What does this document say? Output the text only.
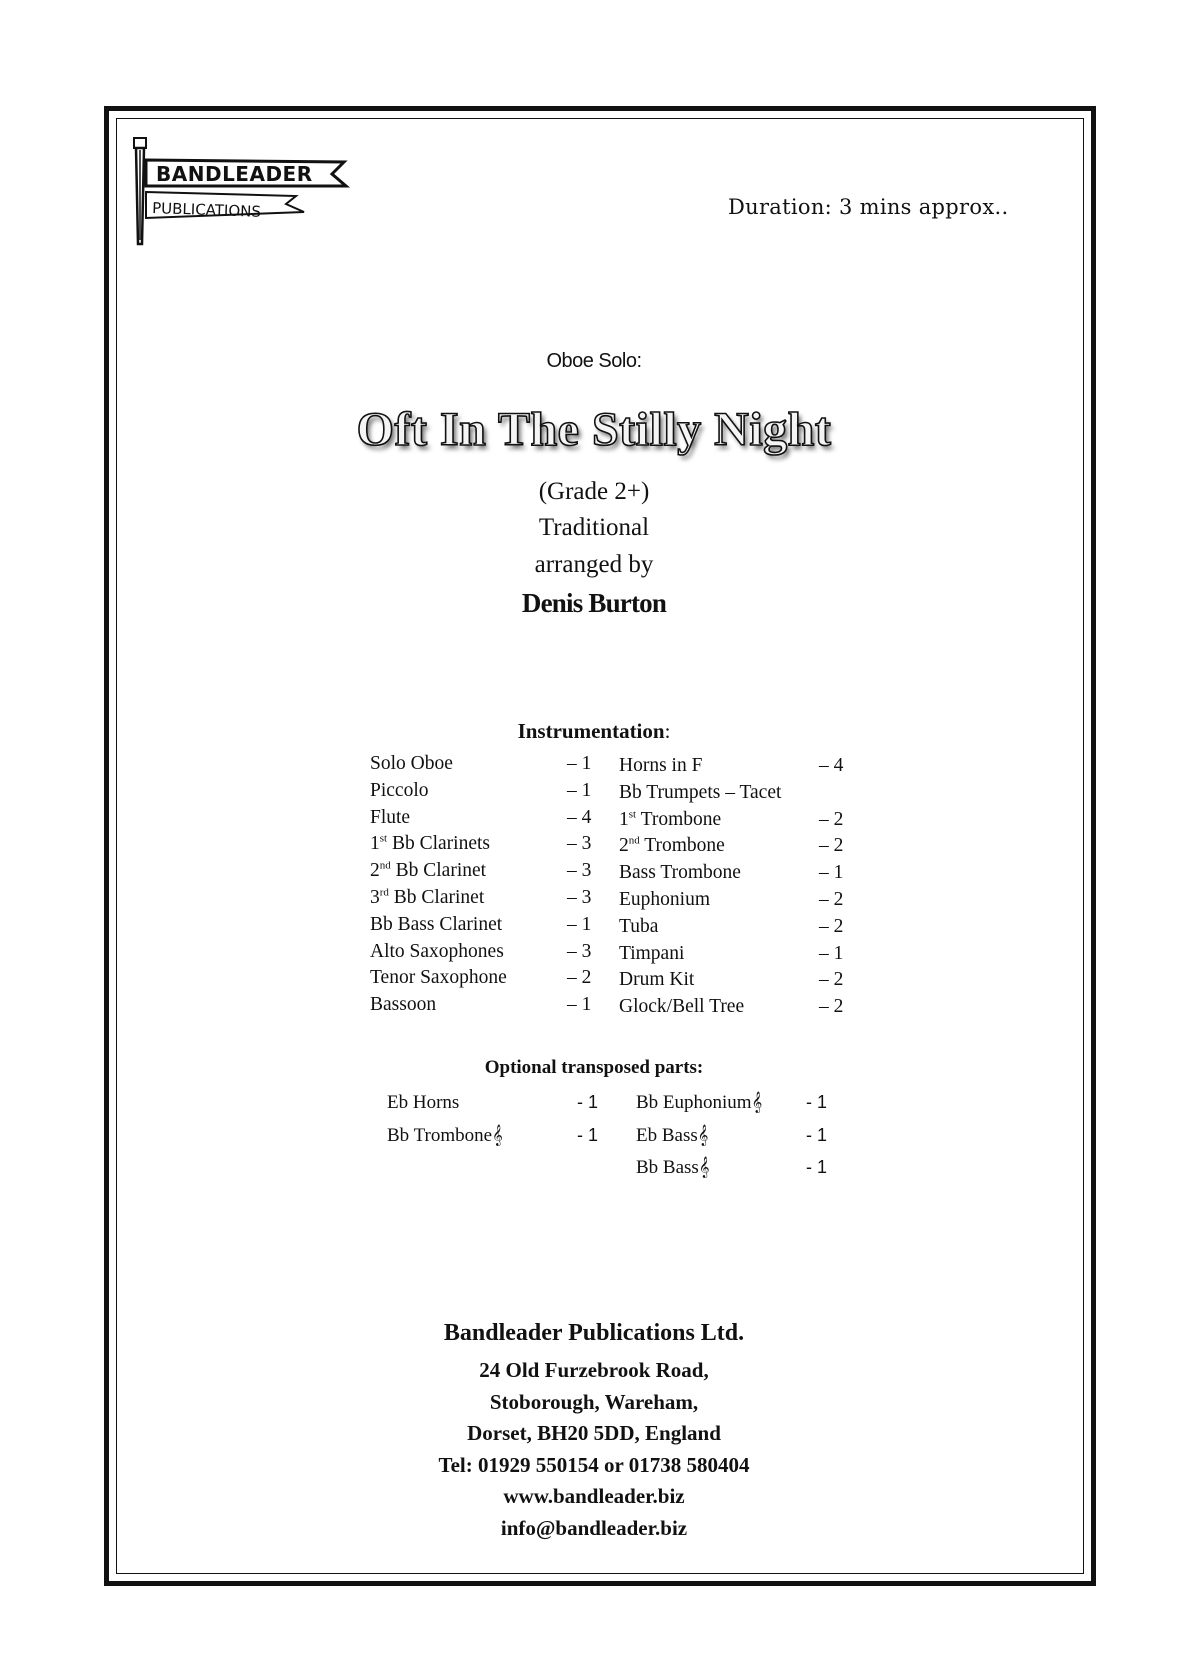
BANDLEADER
PUBLICATIONS	Duration: 3 mins approx..
Oboe Solo:
Oft In The Stilly Night
(Grade 2+)
Traditional
arranged by
Denis Burton
Instrumentation:
Solo Oboe	– 1
Piccolo	– 1
Flute	– 4
1st Bb Clarinets	– 3
2nd Bb Clarinet	– 3
3rd Bb Clarinet	– 3
Bb Bass Clarinet	– 1
Alto Saxophones	– 3
Tenor Saxophone	– 2
Bassoon	– 1
Horns in F	– 4
Bb Trumpets – Tacet
1st Trombone	– 2
2nd Trombone	– 2
Bass Trombone	– 1
Euphonium	– 2
Tuba	– 2
Timpani	– 1
Drum Kit	– 2
Glock/Bell Tree	– 2
Optional transposed parts:
Eb Horns	- 1
Bb Trombone𝄞	- 1
Bb Euphonium𝄞 - 1
Eb Bass𝄞	- 1
Bb Bass𝄞	- 1
Bandleader Publications Ltd.
24 Old Furzebrook Road,
Stoborough, Wareham,
Dorset, BH20 5DD, England
Tel: 01929 550154 or 01738 580404
www.bandleader.biz
info@bandleader.biz
